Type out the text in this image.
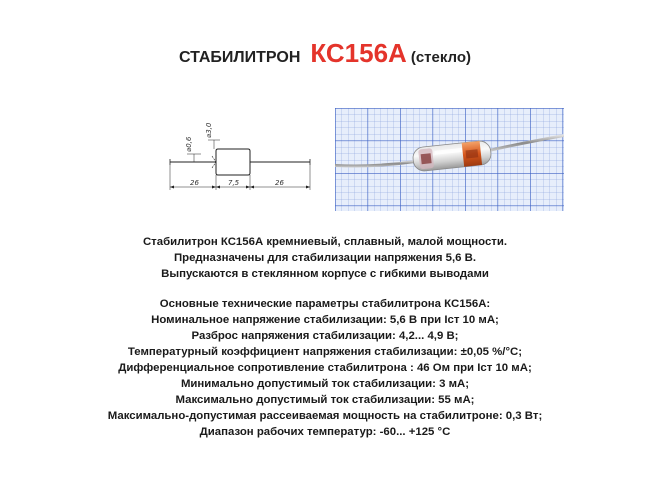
СТАБИЛИТРОН КС156А (стекло)
⌀0,6
⌀3,0
26	7,5	26
Стабилитрон КС156А кремниевый, сплавный, малой мощности.
Предназначены для стабилизации напряжения 5,6 В.
Выпускаются в стеклянном корпусе с гибкими выводами
Основные технические параметры стабилитрона КС156А:
Номинальное напряжение стабилизации: 5,6 В при Iст 10 мА;
Разброс напряжения стабилизации: 4,2... 4,9 В;
Температурный коэффициент напряжения стабилизации: ±0,05 %/°С;
Дифференциальное сопротивление стабилитрона : 46 Ом при Iст 10 мА;
Минимально допустимый ток стабилизации: 3 мА;
Максимально допустимый ток стабилизации: 55 мА;
Максимально-допустимая рассеиваемая мощность на стабилитроне: 0,3 Вт;
Диапазон рабочих температур: -60... +125 °С
